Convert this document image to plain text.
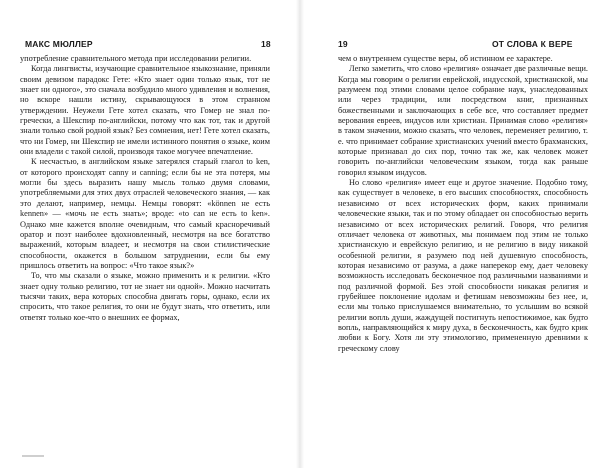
МАКС МЮЛЛЕР	18

употребление сравнительного метода при исследовании религии.

Когда лингвисты, изучающие сравнительное языкознание, приняли своим девизом парадокс Гете: «Кто знает один только язык, тот не знает ни одного», это сначала возбудило много удивления и волнения, но вскоре нашли истину, скрывающуюся в этом странном утверждении. Неужели Гете хотел сказать, что Гомер не знал по-гречески, а Шекспир по-английски, потому что как тот, так и другой знали только свой родной язык? Без сомнения, нет! Гете хотел сказать, что ни Гомер, ни Шекспир не имели истинного понятия о языке, коим они владели с такой силой, производя такое могучее впечатление.

К несчастью, в английском языке затерялся старый глагол to ken, от которого происходят canny и canning; если бы не эта потеря, мы могли бы здесь выразить нашу мысль только двумя словами, употребляемыми для этих двух отраслей человеческого знания, — как это делают, например, немцы. Немцы говорят: «können не есть kennen» — «мочь не есть знать»; вроде: «to can не есть to ken». Однако мне кажется вполне очевидным, что самый красноречивый оратор и поэт наиболее вдохновленный, несмотря на все богатство выражений, которым владеет, и несмотря на свои стилистические способности, окажется в большом затруднении, если бы ему пришлось ответить на вопрос: «Что такое язык?»

То, что мы сказали о языке, можно применить и к религии. «Кто знает одну только религию, тот не знает ни одной». Можно насчитать тысячи таких, вера которых способна двигать горы, однако, если их спросить, что такое религия, то они не будут знать, что ответить, или ответят только кое-что о внешних ее формах,

19	ОТ СЛОВА К ВЕРЕ

чем о внутреннем существе веры, об истинном ее характере.

Легко заметить, что слово «религия» означает две различные вещи. Когда мы говорим о религии еврейской, индусской, христианской, мы разумеем под этими словами целое собрание наук, унаследованных или через традиции, или посредством книг, признанных божественными и заключающих в себе все, что составляет предмет верования евреев, индусов или христиан. Принимая слово «религия» в таком значении, можно сказать, что человек, переменяет религию, т. е. что принимает собрание христианских учений вместо брахманских, которые признавал до сих пор, точно так же, как человек может говорить по-английски человеческим языком, тогда как раньше говорил языком индусов.

Но слово «религия» имеет еще и другое значение. Подобно тому, как существует в человеке, в его высших способностях, способность независимо от всех исторических форм, каких принимали человеческие языки, так и по этому обладает он способностью верить независимо от всех исторических религий. Говоря, что религия отличает человека от животных, мы понимаем под этим не только христианскую и еврейскую религию, и не религию в виду никакой особенной религии, я разумею под ней душевную способность, которая независимо от разума, а даже наперекор ему, дает человеку возможность исследовать бесконечное под различными названиями и под различной формой. Без этой способности никакая религия и грубейшее поклонение идолам и фетишам невозможны без нее, и, если мы только прислушаемся внимательно, то услышим во всякой религии вопль души, жаждущей постигнуть непостижимое, как будто вопль, направляющийся к миру духа, в бесконечность, как будто крик любви к Богу. Хотя ли эту этимологию, примененную древними к греческому слову
